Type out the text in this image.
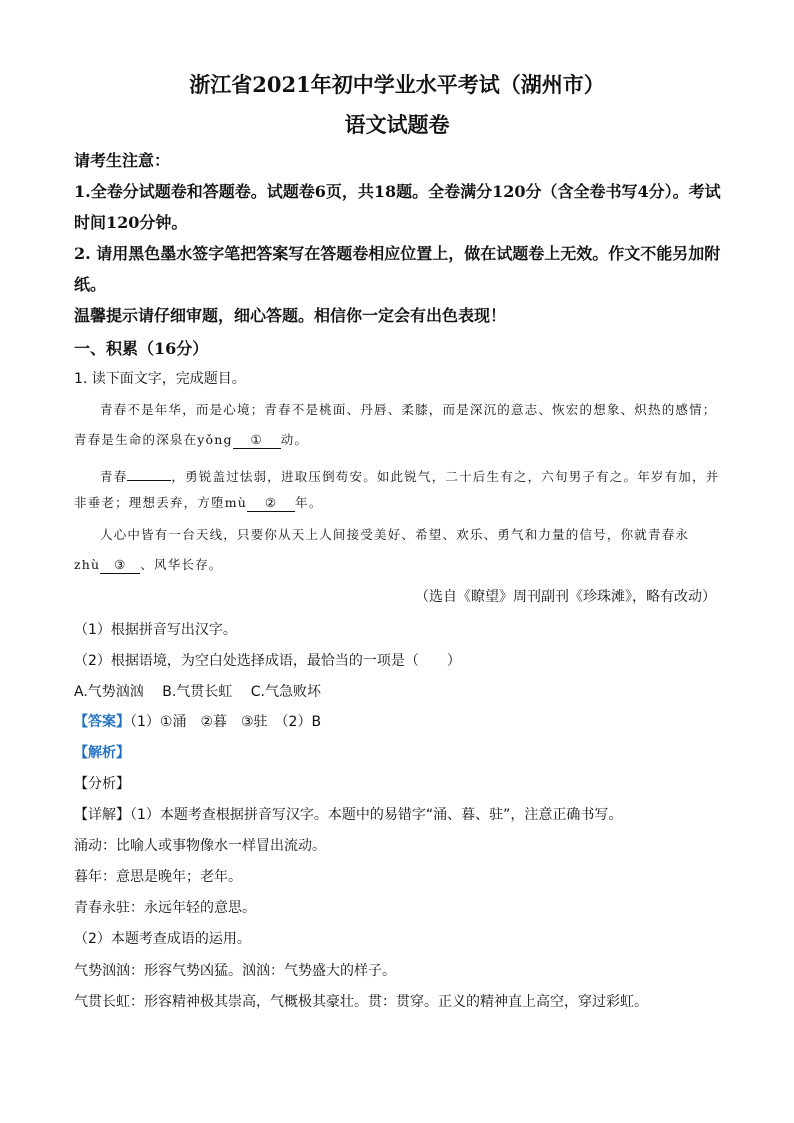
浙江省2021年初中学业水平考试（湖州市）
语文试题卷
请考生注意：
1.全卷分试题卷和答题卷。试题卷6页，共18题。全卷满分120分（含全卷书写4分）。考试
时间120分钟。
2. 请用黑色墨水签字笔把答案写在答题卷相应位置上，做在试题卷上无效。作文不能另加附
纸。
温馨提示请仔细审题，细心答题。相信你一定会有出色表现！
一、积累（16分）
1. 读下面文字，完成题目。
青春不是年华，而是心境；青春不是桃面、丹唇、柔膝，而是深沉的意志、恢宏的想象、炽热的感情；
青春是生命的深泉在yǒng ① 动。
青春	，勇锐盖过怯弱，进取压倒苟安。如此锐气，二十后生有之，六旬男子有之。年岁有加，并
非垂老；理想丢弃，方堕mù ② 年。
人心中皆有一台天线，只要你从天上人间接受美好、希望、欢乐、勇气和力量的信号，你就青春永
zhù ③ 、风华长存。
（选自《瞭望》周刊副刊《珍珠滩》，略有改动）
（1）根据拼音写出汉字。
（2）根据语境，为空白处选择成语，最恰当的一项是（　　）
A.气势汹汹　 B.气贯长虹　 C.气急败坏
【答案】（1）①涌　②暮　③驻　（2）B
【解析】
【分析】
【详解】（1）本题考查根据拼音写汉字。本题中的易错字“涌、暮、驻”，注意正确书写。
涌动：比喻人或事物像水一样冒出流动。
暮年：意思是晚年；老年。
青春永驻：永远年轻的意思。
（2）本题考查成语的运用。
气势汹汹：形容气势凶猛。汹汹：气势盛大的样子。
气贯长虹：形容精神极其崇高，气概极其豪壮。贯：贯穿。正义的精神直上高空，穿过彩虹。
